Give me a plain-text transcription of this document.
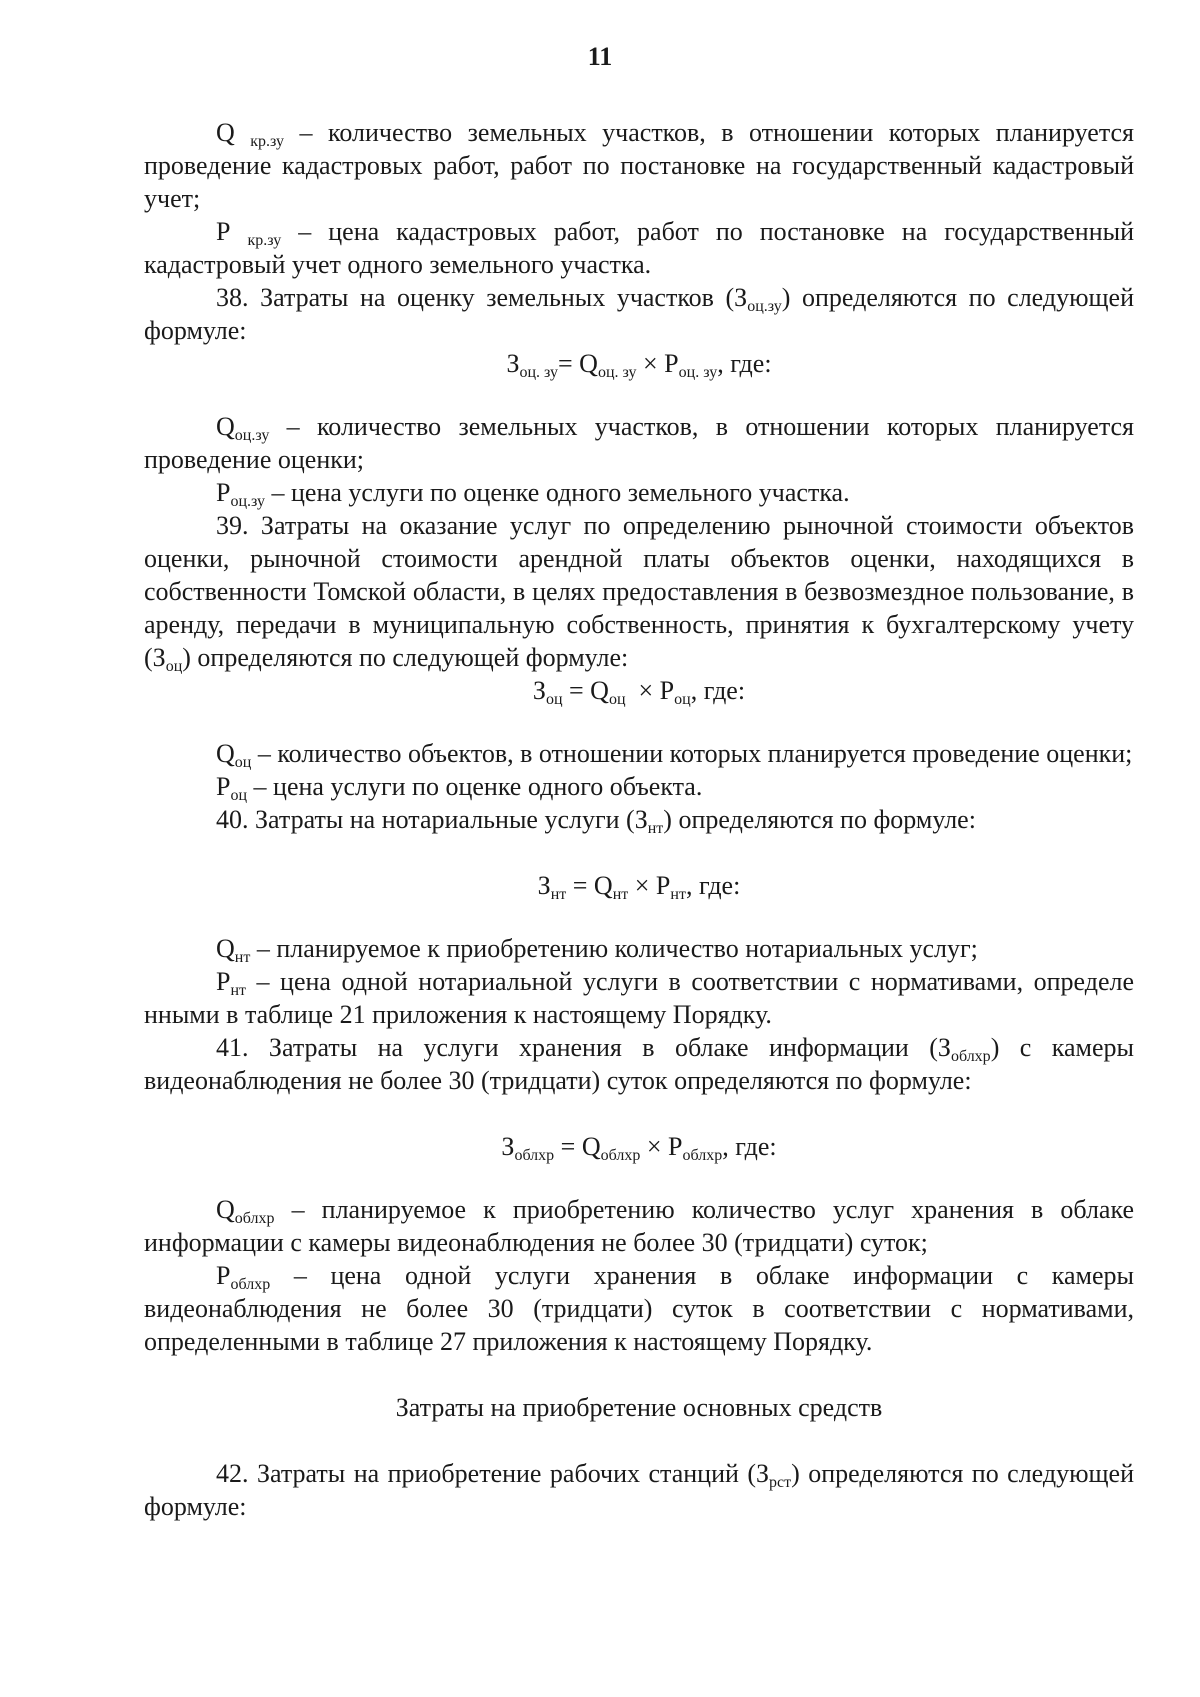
11

Q $_{кр.зу}$ – количество земельных участков, в отношении которых планируется проведение кадастровых работ, работ по постановке на государственный кадастровый учет;

Р $_{кр.зу}$ – цена кадастровых работ, работ по постановке на государственный кадастровый учет одного земельного участка.

38. Затраты на оценку земельных участков $(З_{оц.зу})$ определяются по следующей формуле:

$З_{оц. зу}= Q_{оц. зу} \times Р_{оц. зу}$, где:

$Q_{оц.зу}$ – количество земельных участков, в отношении которых планируется проведение оценки;

$Р_{оц.зу}$ – цена услуги по оценке одного земельного участка.

39. Затраты на оказание услуг по определению рыночной стоимости объектов оценки, рыночной стоимости арендной платы объектов оценки, находящихся в собственности Томской области, в целях предоставления в безвозмездное пользование, в аренду, передачи в муниципальную собственность, принятия к бухгалтерскому учету $(З_{оц})$ определяются по следующей формуле:

$З_{оц} = Q_{оц} \times Р_{оц}$, где:

$Q_{оц}$ – количество объектов, в отношении которых планируется проведение оценки;

$Р_{оц}$ – цена услуги по оценке одного объекта.

40. Затраты на нотариальные услуги $(З_{нт})$ определяются по формуле:

$З_{нт} = Q_{нт} \times Р_{нт}$, где:

$Q_{нт}$ – планируемое к приобретению количество нотариальных услуг;

$Р_{нт}$ – цена одной нотариальной услуги в соответствии с нормативами, определе нными в таблице 21 приложения к настоящему Порядку.

41. Затраты на услуги хранения в облаке информации $(З_{облхр})$ с камеры видеонаблюдения не более 30 (тридцати) суток определяются по формуле:

$З_{облхр} = Q_{облхр} \times Р_{облхр}$, где:

$Q_{облхр}$ – планируемое к приобретению количество услуг хранения в облаке информации с камеры видеонаблюдения не более 30 (тридцати) суток;

$Р_{облхр}$ – цена одной услуги хранения в облаке информации с камеры видеонаблюдения не более 30 (тридцати) суток в соответствии с нормативами, определенными в таблице 27 приложения к настоящему Порядку.

Затраты на приобретение основных средств

42. Затраты на приобретение рабочих станций $(З_{рст})$ определяются по следующей формуле:
